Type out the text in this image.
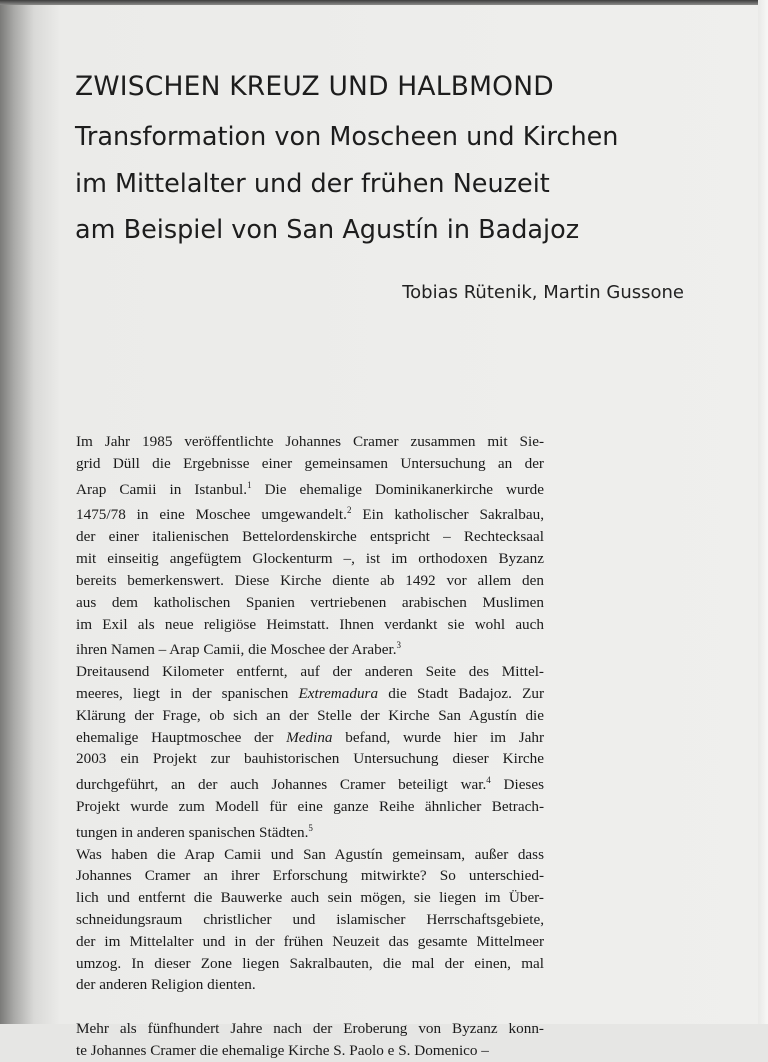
ZWISCHEN KREUZ UND HALBMOND
Transformation von Moscheen und Kirchen
im Mittelalter und der frühen Neuzeit
am Beispiel von San Agustín in Badajoz
Tobias Rütenik, Martin Gussone

Im Jahr 1985 veröffentlichte Johannes Cramer zusammen mit Sie-
grid Düll die Ergebnisse einer gemeinsamen Untersuchung an der
Arap Camii in Istanbul.$^1$ Die ehemalige Dominikanerkirche wurde
1475/78 in eine Moschee umgewandelt.$^2$ Ein katholischer Sakralbau,
der einer italienischen Bettelordenskirche entspricht – Rechtecksaal
mit einseitig angefügtem Glockenturm –, ist im orthodoxen Byzanz
bereits bemerkenswert. Diese Kirche diente ab 1492 vor allem den
aus dem katholischen Spanien vertriebenen arabischen Muslimen
im Exil als neue religiöse Heimstatt. Ihnen verdankt sie wohl auch
ihren Namen – Arap Camii, die Moschee der Araber.$^3$

Dreitausend Kilometer entfernt, auf der anderen Seite des Mittel-
meeres, liegt in der spanischen Extremadura die Stadt Badajoz. Zur
Klärung der Frage, ob sich an der Stelle der Kirche San Agustín die
ehemalige Hauptmoschee der Medina befand, wurde hier im Jahr
2003 ein Projekt zur bauhistorischen Untersuchung dieser Kirche
durchgeführt, an der auch Johannes Cramer beteiligt war.$^4$ Dieses
Projekt wurde zum Modell für eine ganze Reihe ähnlicher Betrach-
tungen in anderen spanischen Städten.$^5$

Was haben die Arap Camii und San Agustín gemeinsam, außer dass
Johannes Cramer an ihrer Erforschung mitwirkte? So unterschied-
lich und entfernt die Bauwerke auch sein mögen, sie liegen im Über-
schneidungsraum christlicher und islamischer Herrschaftsgebiete,
der im Mittelalter und in der frühen Neuzeit das gesamte Mittelmeer
umzog. In dieser Zone liegen Sakralbauten, die mal der einen, mal
der anderen Religion dienten.

Mehr als fünfhundert Jahre nach der Eroberung von Byzanz konn-
te Johannes Cramer die ehemalige Kirche S. Paolo e S. Domenico –
